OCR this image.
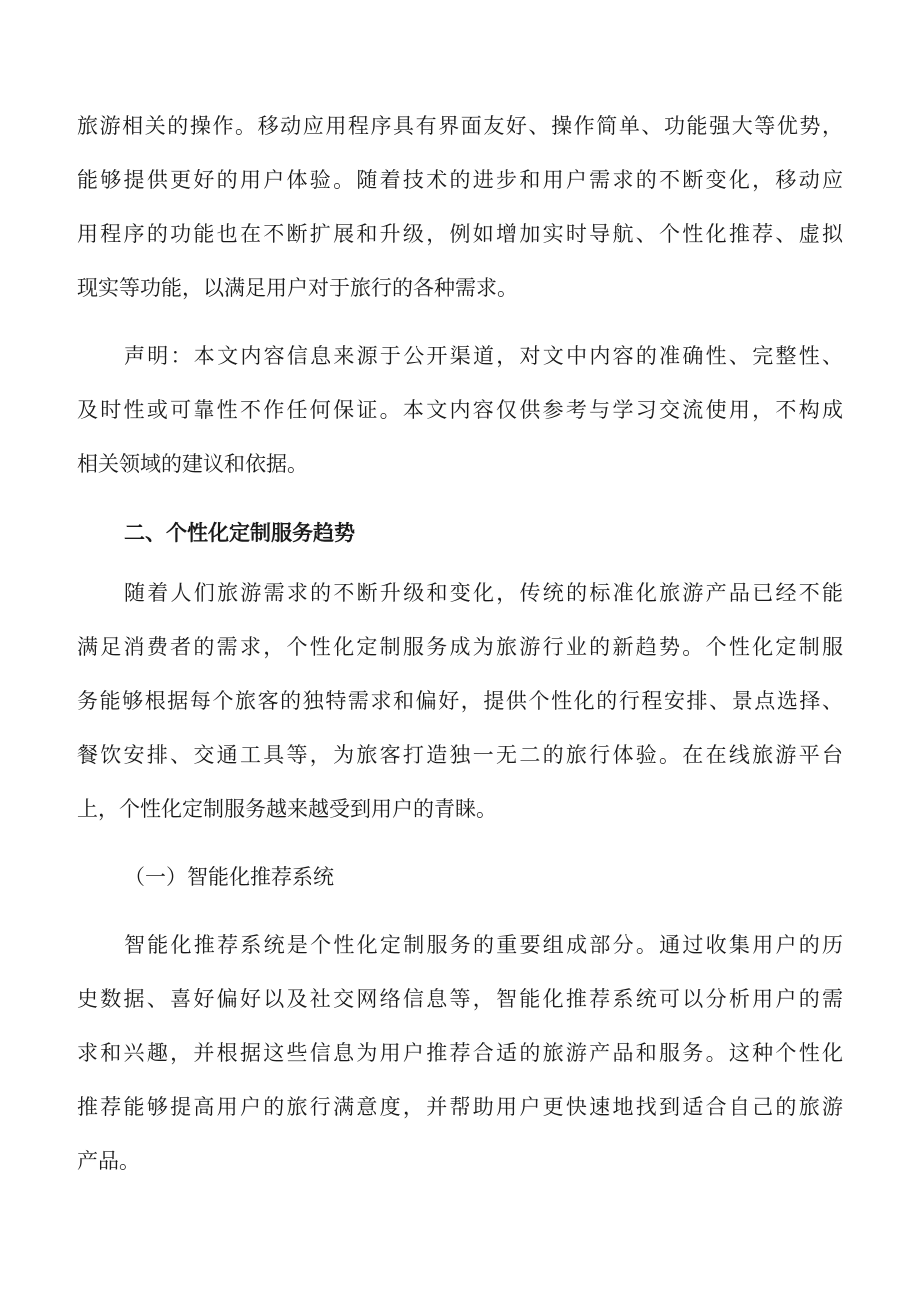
旅游相关的操作。移动应用程序具有界面友好、操作简单、功能强大等优势，
能够提供更好的用户体验。随着技术的进步和用户需求的不断变化，移动应
用程序的功能也在不断扩展和升级，例如增加实时导航、个性化推荐、虚拟
现实等功能，以满足用户对于旅行的各种需求。
声明：本文内容信息来源于公开渠道，对文中内容的准确性、完整性、
及时性或可靠性不作任何保证。本文内容仅供参考与学习交流使用，不构成
相关领域的建议和依据。
二、个性化定制服务趋势
随着人们旅游需求的不断升级和变化，传统的标准化旅游产品已经不能
满足消费者的需求，个性化定制服务成为旅游行业的新趋势。个性化定制服
务能够根据每个旅客的独特需求和偏好，提供个性化的行程安排、景点选择、
餐饮安排、交通工具等，为旅客打造独一无二的旅行体验。在在线旅游平台
上，个性化定制服务越来越受到用户的青睐。
（一）智能化推荐系统
智能化推荐系统是个性化定制服务的重要组成部分。通过收集用户的历
史数据、喜好偏好以及社交网络信息等，智能化推荐系统可以分析用户的需
求和兴趣，并根据这些信息为用户推荐合适的旅游产品和服务。这种个性化
推荐能够提高用户的旅行满意度，并帮助用户更快速地找到适合自己的旅游
产品。
